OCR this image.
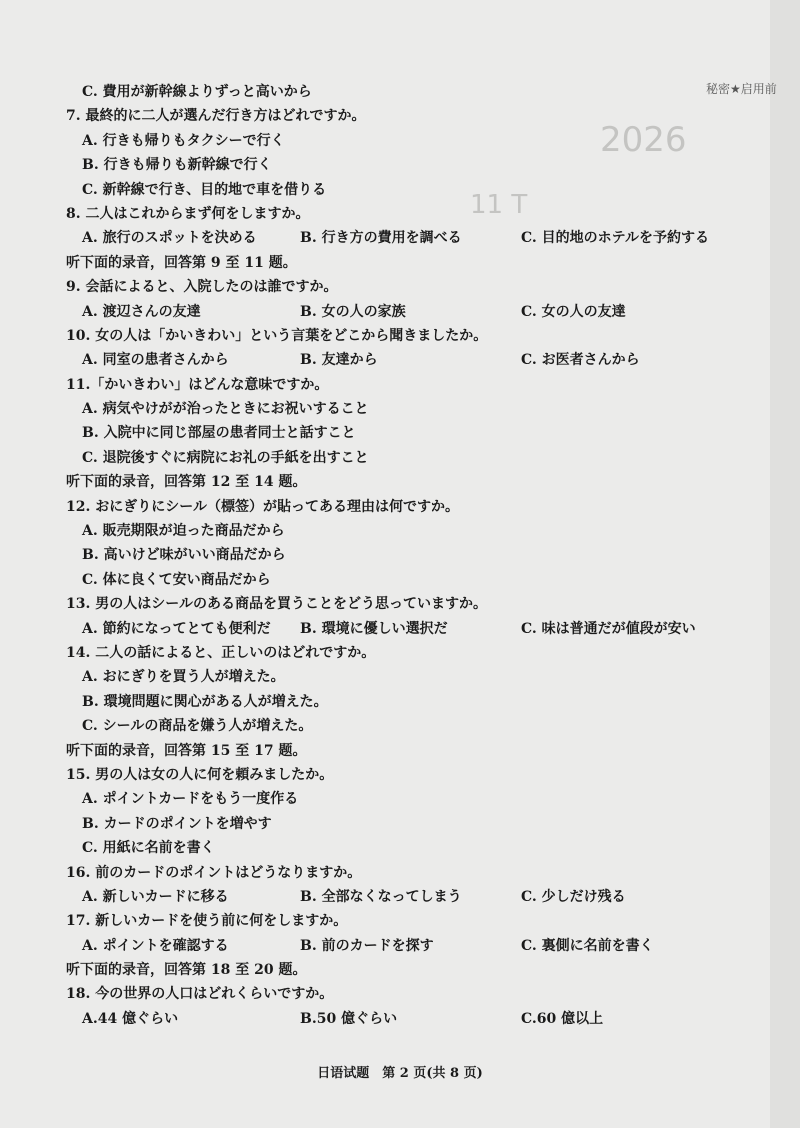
2026
11 T
秘密★启用前
C. 費用が新幹線よりずっと高いから
7. 最終的に二人が選んだ行き方はどれですか。
A. 行きも帰りもタクシーで行く
B. 行きも帰りも新幹線で行く
C. 新幹線で行き、目的地で車を借りる
8. 二人はこれからまず何をしますか。
A. 旅行のスポットを決める	B. 行き方の費用を調べる	C. 目的地のホテルを予約する
听下面的录音，回答第 9 至 11 题。
9. 会話によると、入院したのは誰ですか。
A. 渡辺さんの友達	B. 女の人の家族	C. 女の人の友達
10. 女の人は「かいきわい」という言葉をどこから聞きましたか。
A. 同室の患者さんから	B. 友達から	C. お医者さんから
11.「かいきわい」はどんな意味ですか。
A. 病気やけがが治ったときにお祝いすること
B. 入院中に同じ部屋の患者同士と話すこと
C. 退院後すぐに病院にお礼の手紙を出すこと
听下面的录音，回答第 12 至 14 题。
12. おにぎりにシール（標签）が貼ってある理由は何ですか。
A. 販売期限が迫った商品だから
B. 高いけど味がいい商品だから
C. 体に良くて安い商品だから
13. 男の人はシールのある商品を買うことをどう思っていますか。
A. 節約になってとても便利だ B. 環境に優しい選択だ	C. 味は普通だが値段が安い
14. 二人の話によると、正しいのはどれですか。
A. おにぎりを買う人が増えた。
B. 環境問題に関心がある人が増えた。
C. シールの商品を嫌う人が増えた。
听下面的录音，回答第 15 至 17 题。
15. 男の人は女の人に何を頼みましたか。
A. ポイントカードをもう一度作る
B. カードのポイントを増やす
C. 用紙に名前を書く
16. 前のカードのポイントはどうなりますか。
A. 新しいカードに移る	B. 全部なくなってしまう	C. 少しだけ残る
17. 新しいカードを使う前に何をしますか。
A. ポイントを確認する	B. 前のカードを探す	C. 裏側に名前を書く
听下面的录音，回答第 18 至 20 题。
18. 今の世界の人口はどれくらいですか。
A.44 億ぐらい	B.50 億ぐらい	C.60 億以上
日语试题　第 2 页(共 8 页)
